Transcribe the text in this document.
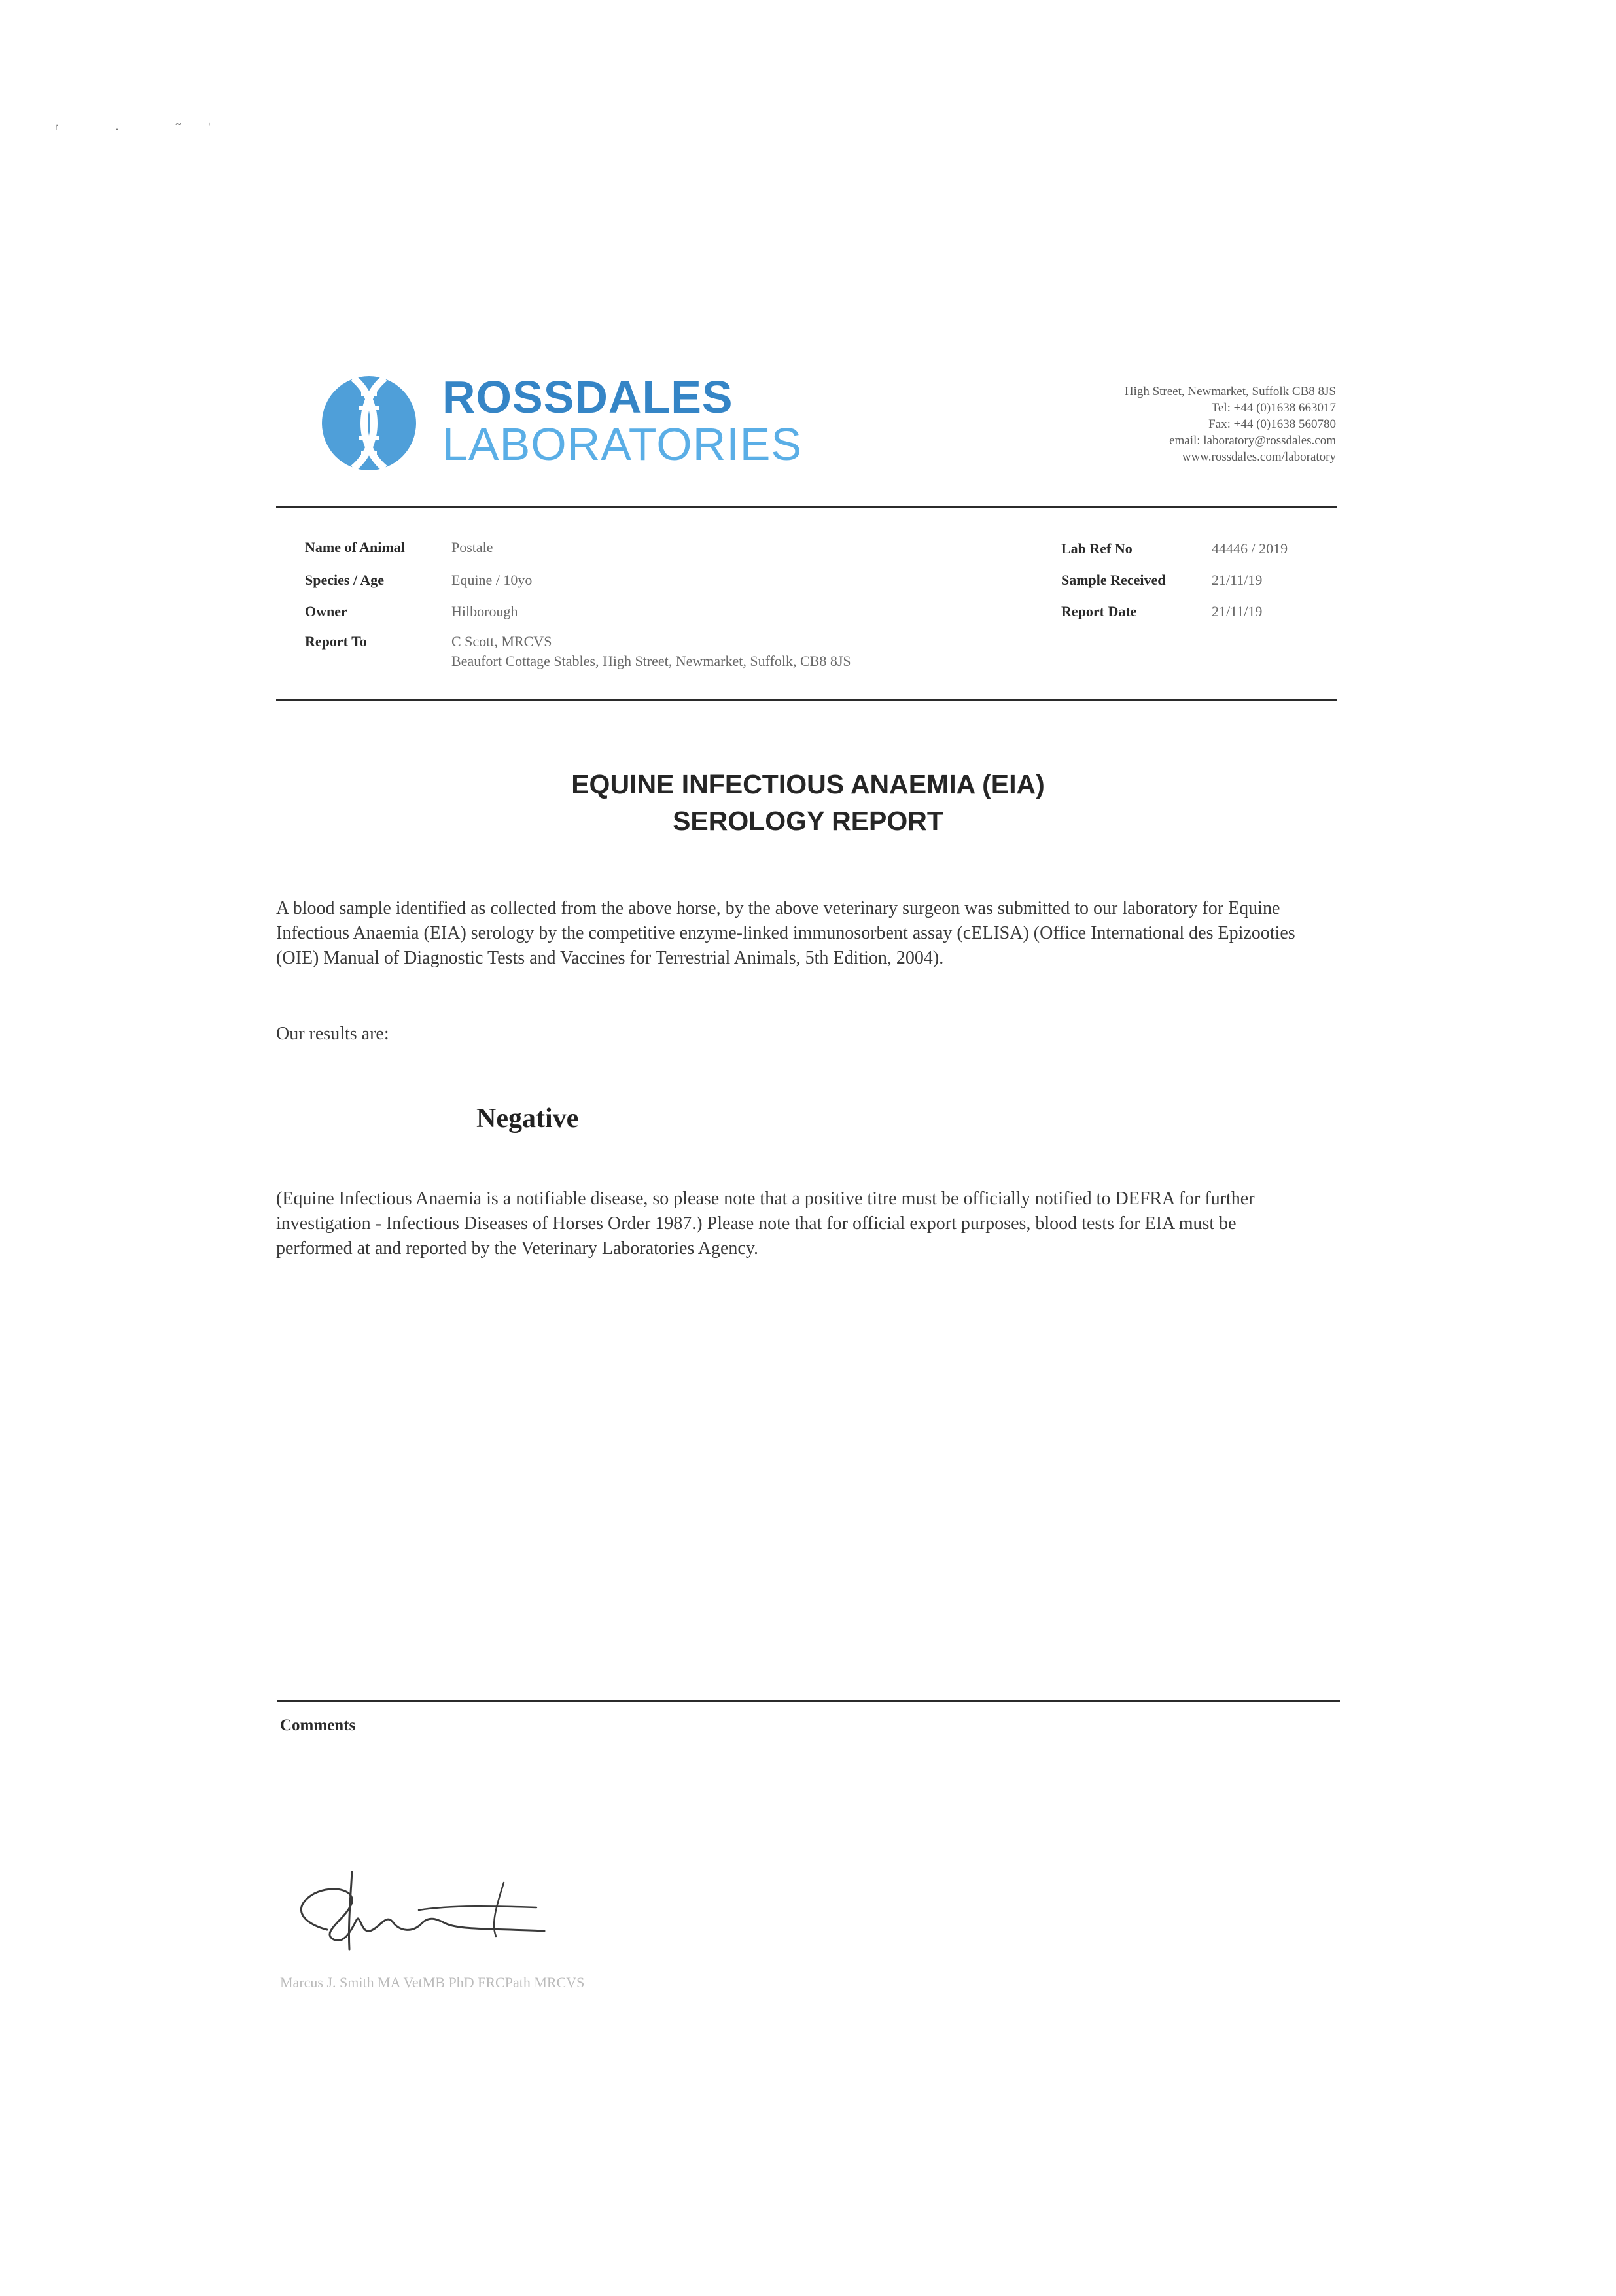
ʳ · ˜ˈ
ROSSDALES
LABORATORIES
High Street, Newmarket, Suffolk CB8 8JS
Tel: +44 (0)1638 663017
Fax: +44 (0)1638 560780
email: laboratory@rossdales.com
www.rossdales.com/laboratory
Name of Animal	Postale
Species / Age	Equine / 10yo
Owner	Hilborough
Report To	C Scott, MRCVS
Beaufort Cottage Stables, High Street, Newmarket, Suffolk, CB8 8JS
Lab Ref No	44446 / 2019
Sample Received	21/11/19
Report Date	21/11/19
EQUINE INFECTIOUS ANAEMIA (EIA)
SEROLOGY REPORT
A blood sample identified as collected from the above horse, by the above veterinary surgeon was submitted to our laboratory for Equine Infectious Anaemia (EIA) serology by the competitive enzyme-linked immunosorbent assay (cELISA) (Office International des Epizooties (OIE) Manual of Diagnostic Tests and Vaccines for Terrestrial Animals, 5th Edition, 2004).
Our results are:
Negative
(Equine Infectious Anaemia is a notifiable disease, so please note that a positive titre must be officially notified to DEFRA for further investigation - Infectious Diseases of Horses Order 1987.) Please note that for official export purposes, blood tests for EIA must be performed at and reported by the Veterinary Laboratories Agency.
Comments
Marcus J. Smith MA VetMB PhD FRCPath MRCVS
